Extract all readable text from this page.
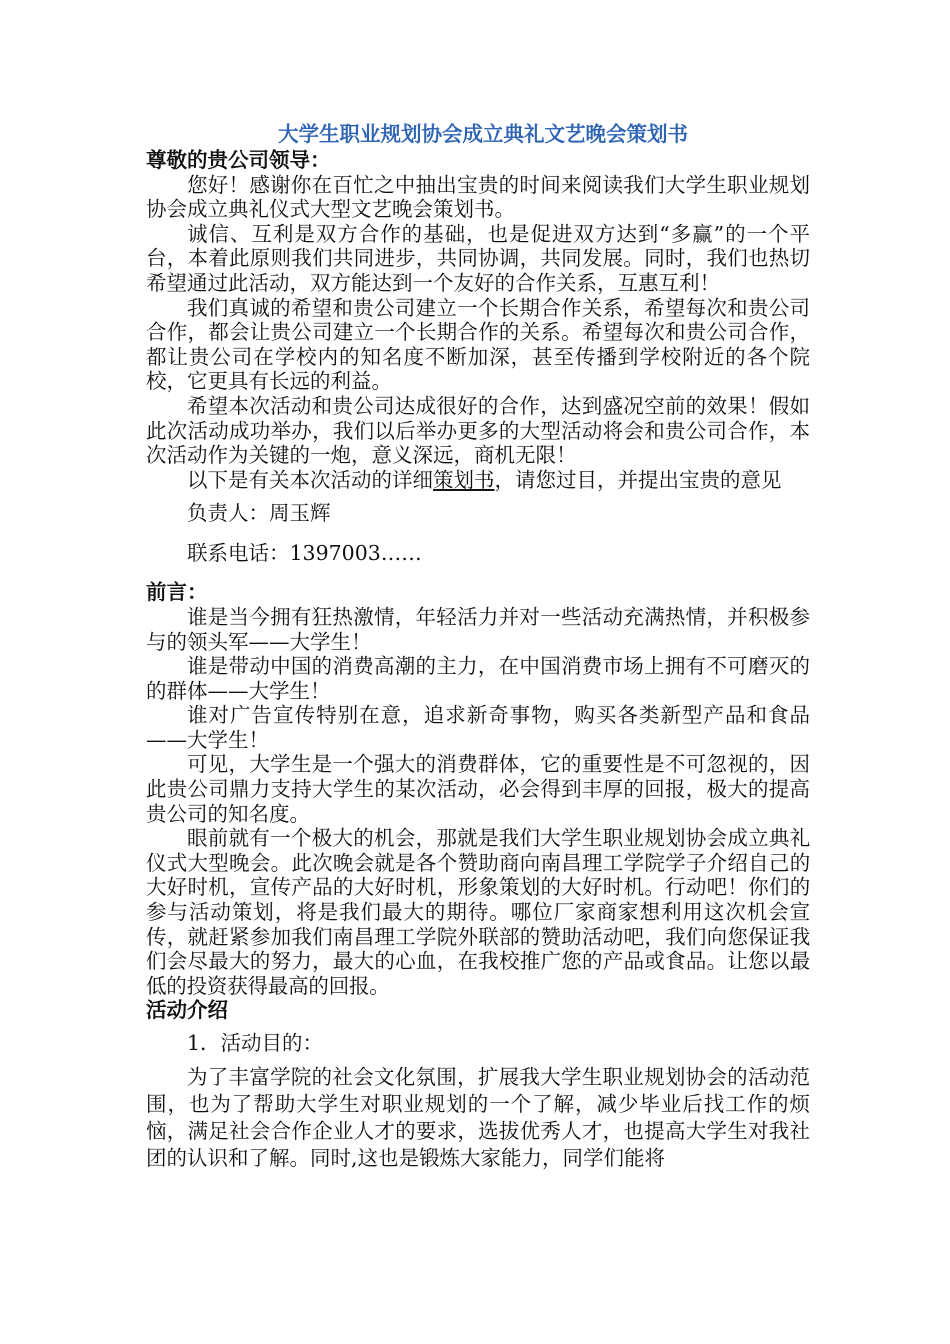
大学生职业规划协会成立典礼文艺晚会策划书

尊敬的贵公司领导：

您好！感谢你在百忙之中抽出宝贵的时间来阅读我们大学生职业规划协会成立典礼仪式大型文艺晚会策划书。

诚信、互利是双方合作的基础，也是促进双方达到“多赢”的一个平台，本着此原则我们共同进步，共同协调，共同发展。同时，我们也热切希望通过此活动，双方能达到一个友好的合作关系，互惠互利！

我们真诚的希望和贵公司建立一个长期合作关系，希望每次和贵公司合作，都会让贵公司建立一个长期合作的关系。希望每次和贵公司合作，都让贵公司在学校内的知名度不断加深，甚至传播到学校附近的各个院校，它更具有长远的利益。

希望本次活动和贵公司达成很好的合作，达到盛况空前的效果！假如此次活动成功举办，我们以后举办更多的大型活动将会和贵公司合作，本次活动作为关键的一炮，意义深远，商机无限！

以下是有关本次活动的详细策划书，请您过目，并提出宝贵的意见

负责人：周玉辉

联系电话：1397003……

前言：

谁是当今拥有狂热激情，年轻活力并对一些活动充满热情，并积极参与的领头军——大学生！

谁是带动中国的消费高潮的主力，在中国消费市场上拥有不可磨灭的的群体——大学生！

谁对广告宣传特别在意，追求新奇事物，购买各类新型产品和食品——大学生！

可见，大学生是一个强大的消费群体，它的重要性是不可忽视的，因此贵公司鼎力支持大学生的某次活动，必会得到丰厚的回报，极大的提高贵公司的知名度。

眼前就有一个极大的机会，那就是我们大学生职业规划协会成立典礼仪式大型晚会。此次晚会就是各个赞助商向南昌理工学院学子介绍自己的大好时机，宣传产品的大好时机，形象策划的大好时机。行动吧！你们的参与活动策划，将是我们最大的期待。哪位厂家商家想利用这次机会宣传，就赶紧参加我们南昌理工学院外联部的赞助活动吧，我们向您保证我们会尽最大的努力，最大的心血，在我校推广您的产品或食品。让您以最低的投资获得最高的回报。

活动介绍

1．活动目的：

为了丰富学院的社会文化氛围，扩展我大学生职业规划协会的活动范围，也为了帮助大学生对职业规划的一个了解，减少毕业后找工作的烦恼，满足社会合作企业人才的要求，选拔优秀人才，也提高大学生对我社团的认识和了解。同时,这也是锻炼大家能力，同学们能将
